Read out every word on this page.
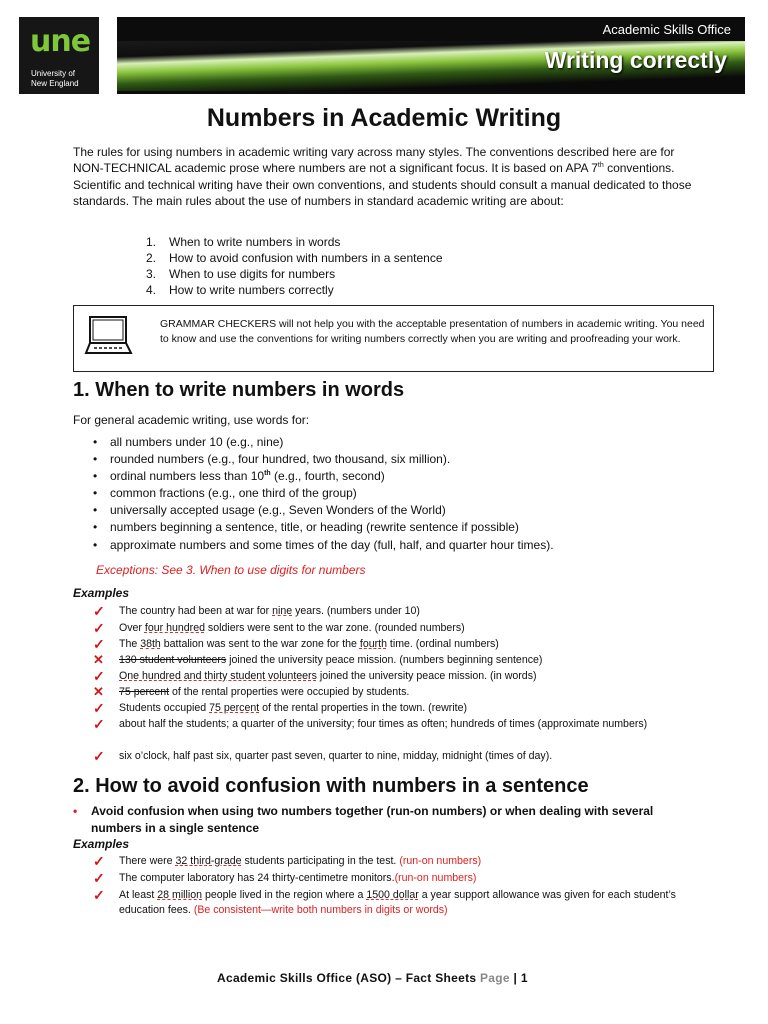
une
University of
New England
Academic Skills Office
Writing correctly
Numbers in Academic Writing
The rules for using numbers in academic writing vary across many styles. The conventions described here are for NON-TECHNICAL academic prose where numbers are not a significant focus. It is based on APA 7th conventions. Scientific and technical writing have their own conventions, and students should consult a manual dedicated to those standards. The main rules about the use of numbers in standard academic writing are about:
1. When to write numbers in words
2. How to avoid confusion with numbers in a sentence
3. When to use digits for numbers
4. How to write numbers correctly
GRAMMAR CHECKERS will not help you with the acceptable presentation of numbers in academic writing. You need to know and use the conventions for writing numbers correctly when you are writing and proofreading your work.
1. When to write numbers in words
For general academic writing, use words for:
• all numbers under 10 (e.g., nine)
• rounded numbers (e.g., four hundred, two thousand, six million).
• ordinal numbers less than 10th (e.g., fourth, second)
• common fractions (e.g., one third of the group)
• universally accepted usage (e.g., Seven Wonders of the World)
• numbers beginning a sentence, title, or heading (rewrite sentence if possible)
• approximate numbers and some times of the day (full, half, and quarter hour times).
Exceptions: See 3. When to use digits for numbers
Examples
✓ The country had been at war for nine years. (numbers under 10)
✓ Over four hundred soldiers were sent to the war zone. (rounded numbers)
✓ The 38th battalion was sent to the war zone for the fourth time. (ordinal numbers)
✕ 130 student volunteers joined the university peace mission. (numbers beginning sentence)
✓ One hundred and thirty student volunteers joined the university peace mission. (in words)
✕ 75 percent of the rental properties were occupied by students.
✓ Students occupied 75 percent of the rental properties in the town. (rewrite)
✓ about half the students; a quarter of the university; four times as often; hundreds of times (approximate numbers)
✓ six o’clock, half past six, quarter past seven, quarter to nine, midday, midnight (times of day).
2. How to avoid confusion with numbers in a sentence
• Avoid confusion when using two numbers together (run-on numbers) or when dealing with several numbers in a single sentence
Examples
✓ There were 32 third-grade students participating in the test. (run-on numbers)
✓ The computer laboratory has 24 thirty-centimetre monitors.(run-on numbers)
✓ At least 28 million people lived in the region where a 1500 dollar a year support allowance was given for each student’s education fees. (Be consistent—write both numbers in digits or words)
Academic Skills Office (ASO) – Fact Sheets Page | 1
